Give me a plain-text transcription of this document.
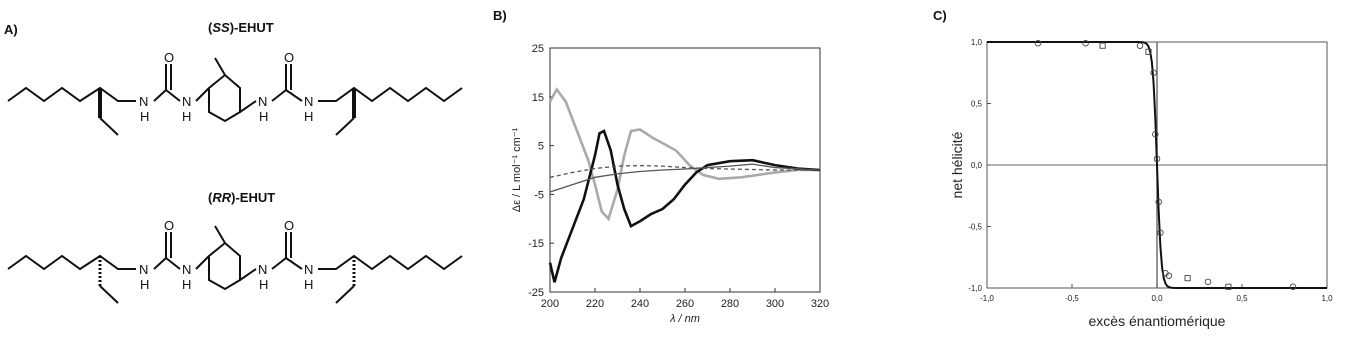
A)
B)	C)
(SS)-EHUT
(RR)-EHUT
O	O
N
H
N
H
N
H
N
H
O	O
N
H
N
H
N
H
N
H
200 220 240 260 280 300 320
-25
-15
-5
5
15
25
λ / nm
Δε / L mol⁻¹ cm⁻¹
-1,0	-0,5	0,0	0,5	1,0
-1,0
-0,5
0,0
0,5
1,0
excès énantiomérique
net hélicité
